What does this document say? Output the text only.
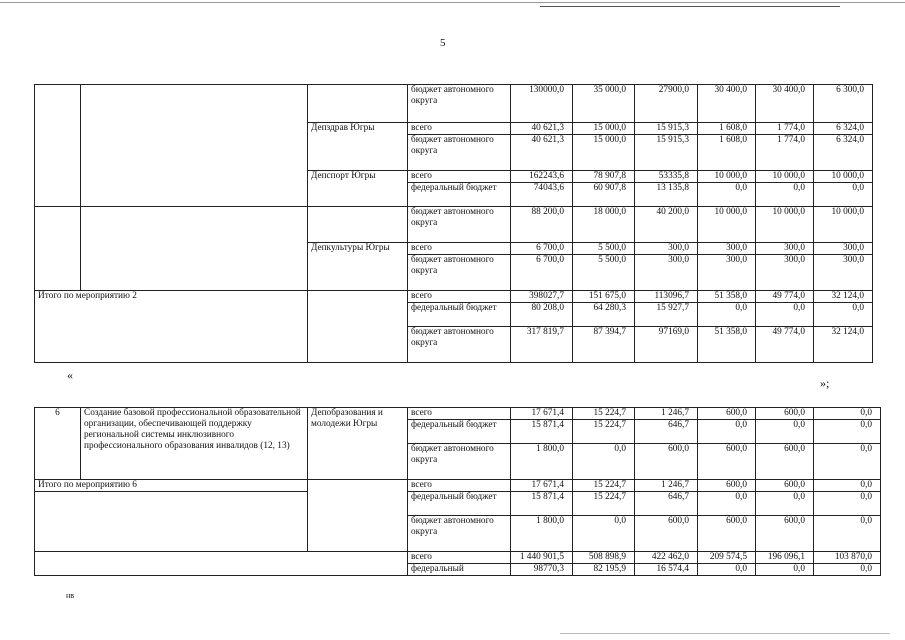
5
			бюджет автономного округа	130000,0	35 000,0	27900,0	30 400,0	30 400,0	6 300,0
		Депздрав Югры	всего	40 621,3	15 000,0	15 915,3	1 608,0	1 774,0	6 324,0
			бюджет автономного округа	40 621,3	15 000,0	15 915,3	1 608,0	1 774,0	6 324,0
		Депспорт Югры	всего	162243,6	78 907,8	53335,8	10 000,0	10 000,0	10 000,0
			федеральный бюджет	74043,6	60 907,8	13 135,8	0,0	0,0	0,0
			бюджет автономного округа	88 200,0	18 000,0	40 200,0	10 000,0	10 000,0	10 000,0
		Депкультуры Югры	всего	6 700,0	5 500,0	300,0	300,0	300,0	300,0
			бюджет автономного округа	6 700,0	5 500,0	300,0	300,0	300,0	300,0
Итого по мероприятию 2			всего	398027,7	151 675,0	113096,7	51 358,0	49 774,0	32 124,0
			федеральный бюджет	80 208,0	64 280,3	15 927,7	0,0	0,0	0,0
			бюджет автономного округа	317 819,7	87 394,7	97169,0	51 358,0	49 774,0	32 124,0
«
»;
6	Создание базовой профессиональной образовательной организации, обеспечивающей поддержку региональной системы инклюзивного профессионального образования инвалидов (12, 13)	Депобразования и молодежи Югры	всего	17 671,4	15 224,7	1 246,7	600,0	600,0	0,0
			федеральный бюджет	15 871,4	15 224,7	646,7	0,0	0,0	0,0
			бюджет автономного округа	1 800,0	0,0	600,0	600,0	600,0	0,0
Итого по мероприятию 6			всего	17 671,4	15 224,7	1 246,7	600,0	600,0	0,0
			федеральный бюджет	15 871,4	15 224,7	646,7	0,0	0,0	0,0
			бюджет автономного округа	1 800,0	0,0	600,0	600,0	600,0	0,0
			всего	1 440 901,5	508 898,9	422 462,0	209 574,5	196 096,1	103 870,0
			федеральный	98770,3	82 195,9	16 574,4	0,0	0,0	0,0
нв
